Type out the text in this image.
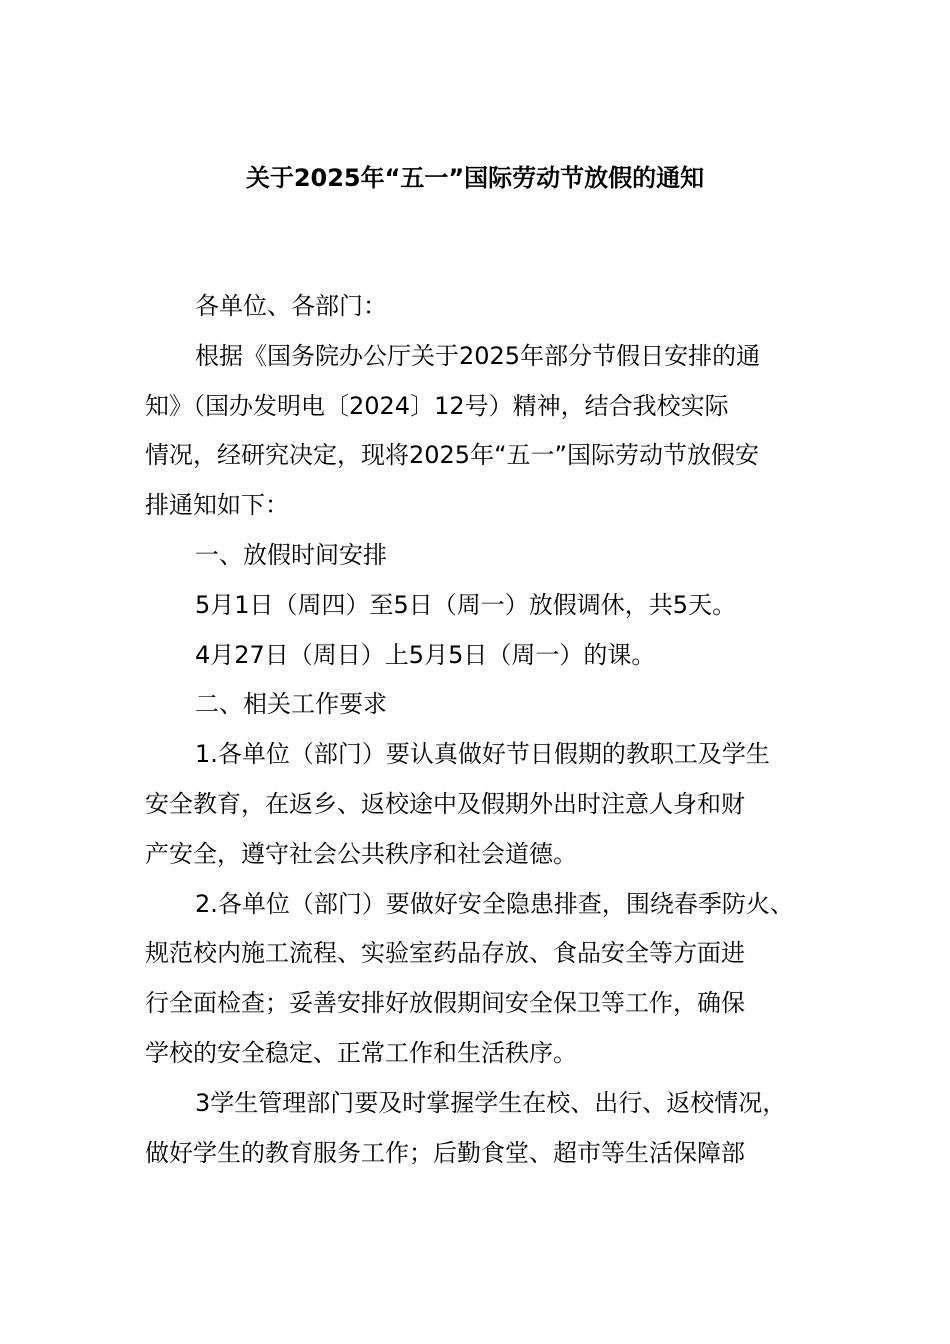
关于2025年“五一”国际劳动节放假的通知

各单位、各部门：

根据《国务院办公厅关于2025年部分节假日安排的通
知》（国办发明电〔2024〕12号）精神，结合我校实际
情况，经研究决定，现将2025年“五一”国际劳动节放假安
排通知如下：

一、放假时间安排

5月1日（周四）至5日（周一）放假调休，共5天。

4月27日（周日）上5月5日（周一）的课。

二、相关工作要求

1.各单位（部门）要认真做好节日假期的教职工及学生
安全教育，在返乡、返校途中及假期外出时注意人身和财
产安全，遵守社会公共秩序和社会道德。

2.各单位（部门）要做好安全隐患排查，围绕春季防火、
规范校内施工流程、实验室药品存放、食品安全等方面进
行全面检查；妥善安排好放假期间安全保卫等工作，确保
学校的安全稳定、正常工作和生活秩序。

3学生管理部门要及时掌握学生在校、出行、返校情况，
做好学生的教育服务工作；后勤食堂、超市等生活保障部
